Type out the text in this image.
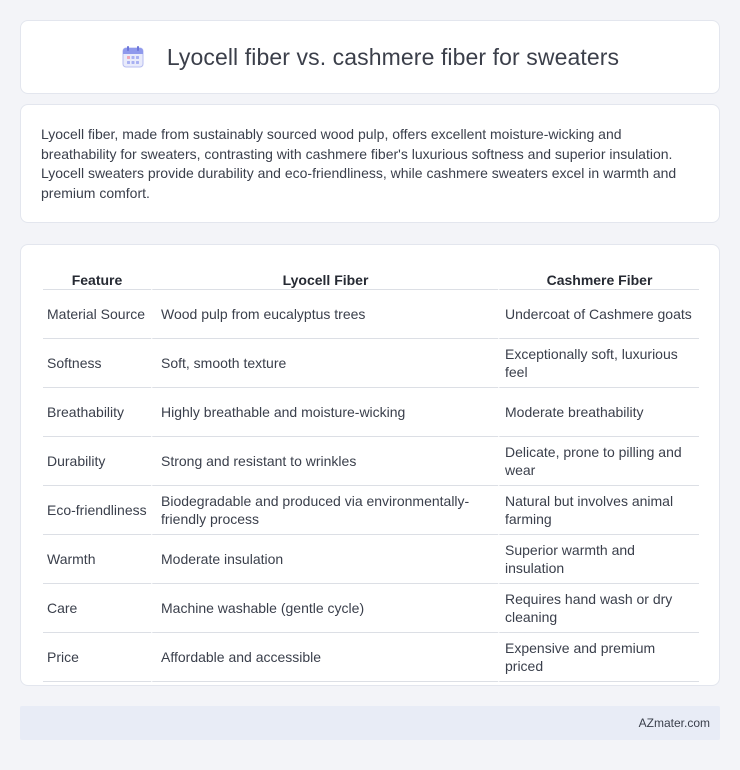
Lyocell fiber vs. cashmere fiber for sweaters

Lyocell fiber, made from sustainably sourced wood pulp, offers excellent moisture-wicking and breathability for sweaters, contrasting with cashmere fiber's luxurious softness and superior insulation. Lyocell sweaters provide durability and eco-friendliness, while cashmere sweaters excel in warmth and premium comfort.

Feature	Lyocell Fiber	Cashmere Fiber
Material Source	Wood pulp from eucalyptus trees	Undercoat of Cashmere goats
Softness	Soft, smooth texture	Exceptionally soft, luxurious feel
Breathability	Highly breathable and moisture-wicking	Moderate breathability
Durability	Strong and resistant to wrinkles	Delicate, prone to pilling and wear
Eco-friendliness	Biodegradable and produced via environmentally-friendly process	Natural but involves animal farming
Warmth	Moderate insulation	Superior warmth and insulation
Care	Machine washable (gentle cycle)	Requires hand wash or dry cleaning
Price	Affordable and accessible	Expensive and premium priced
AZmater.com
